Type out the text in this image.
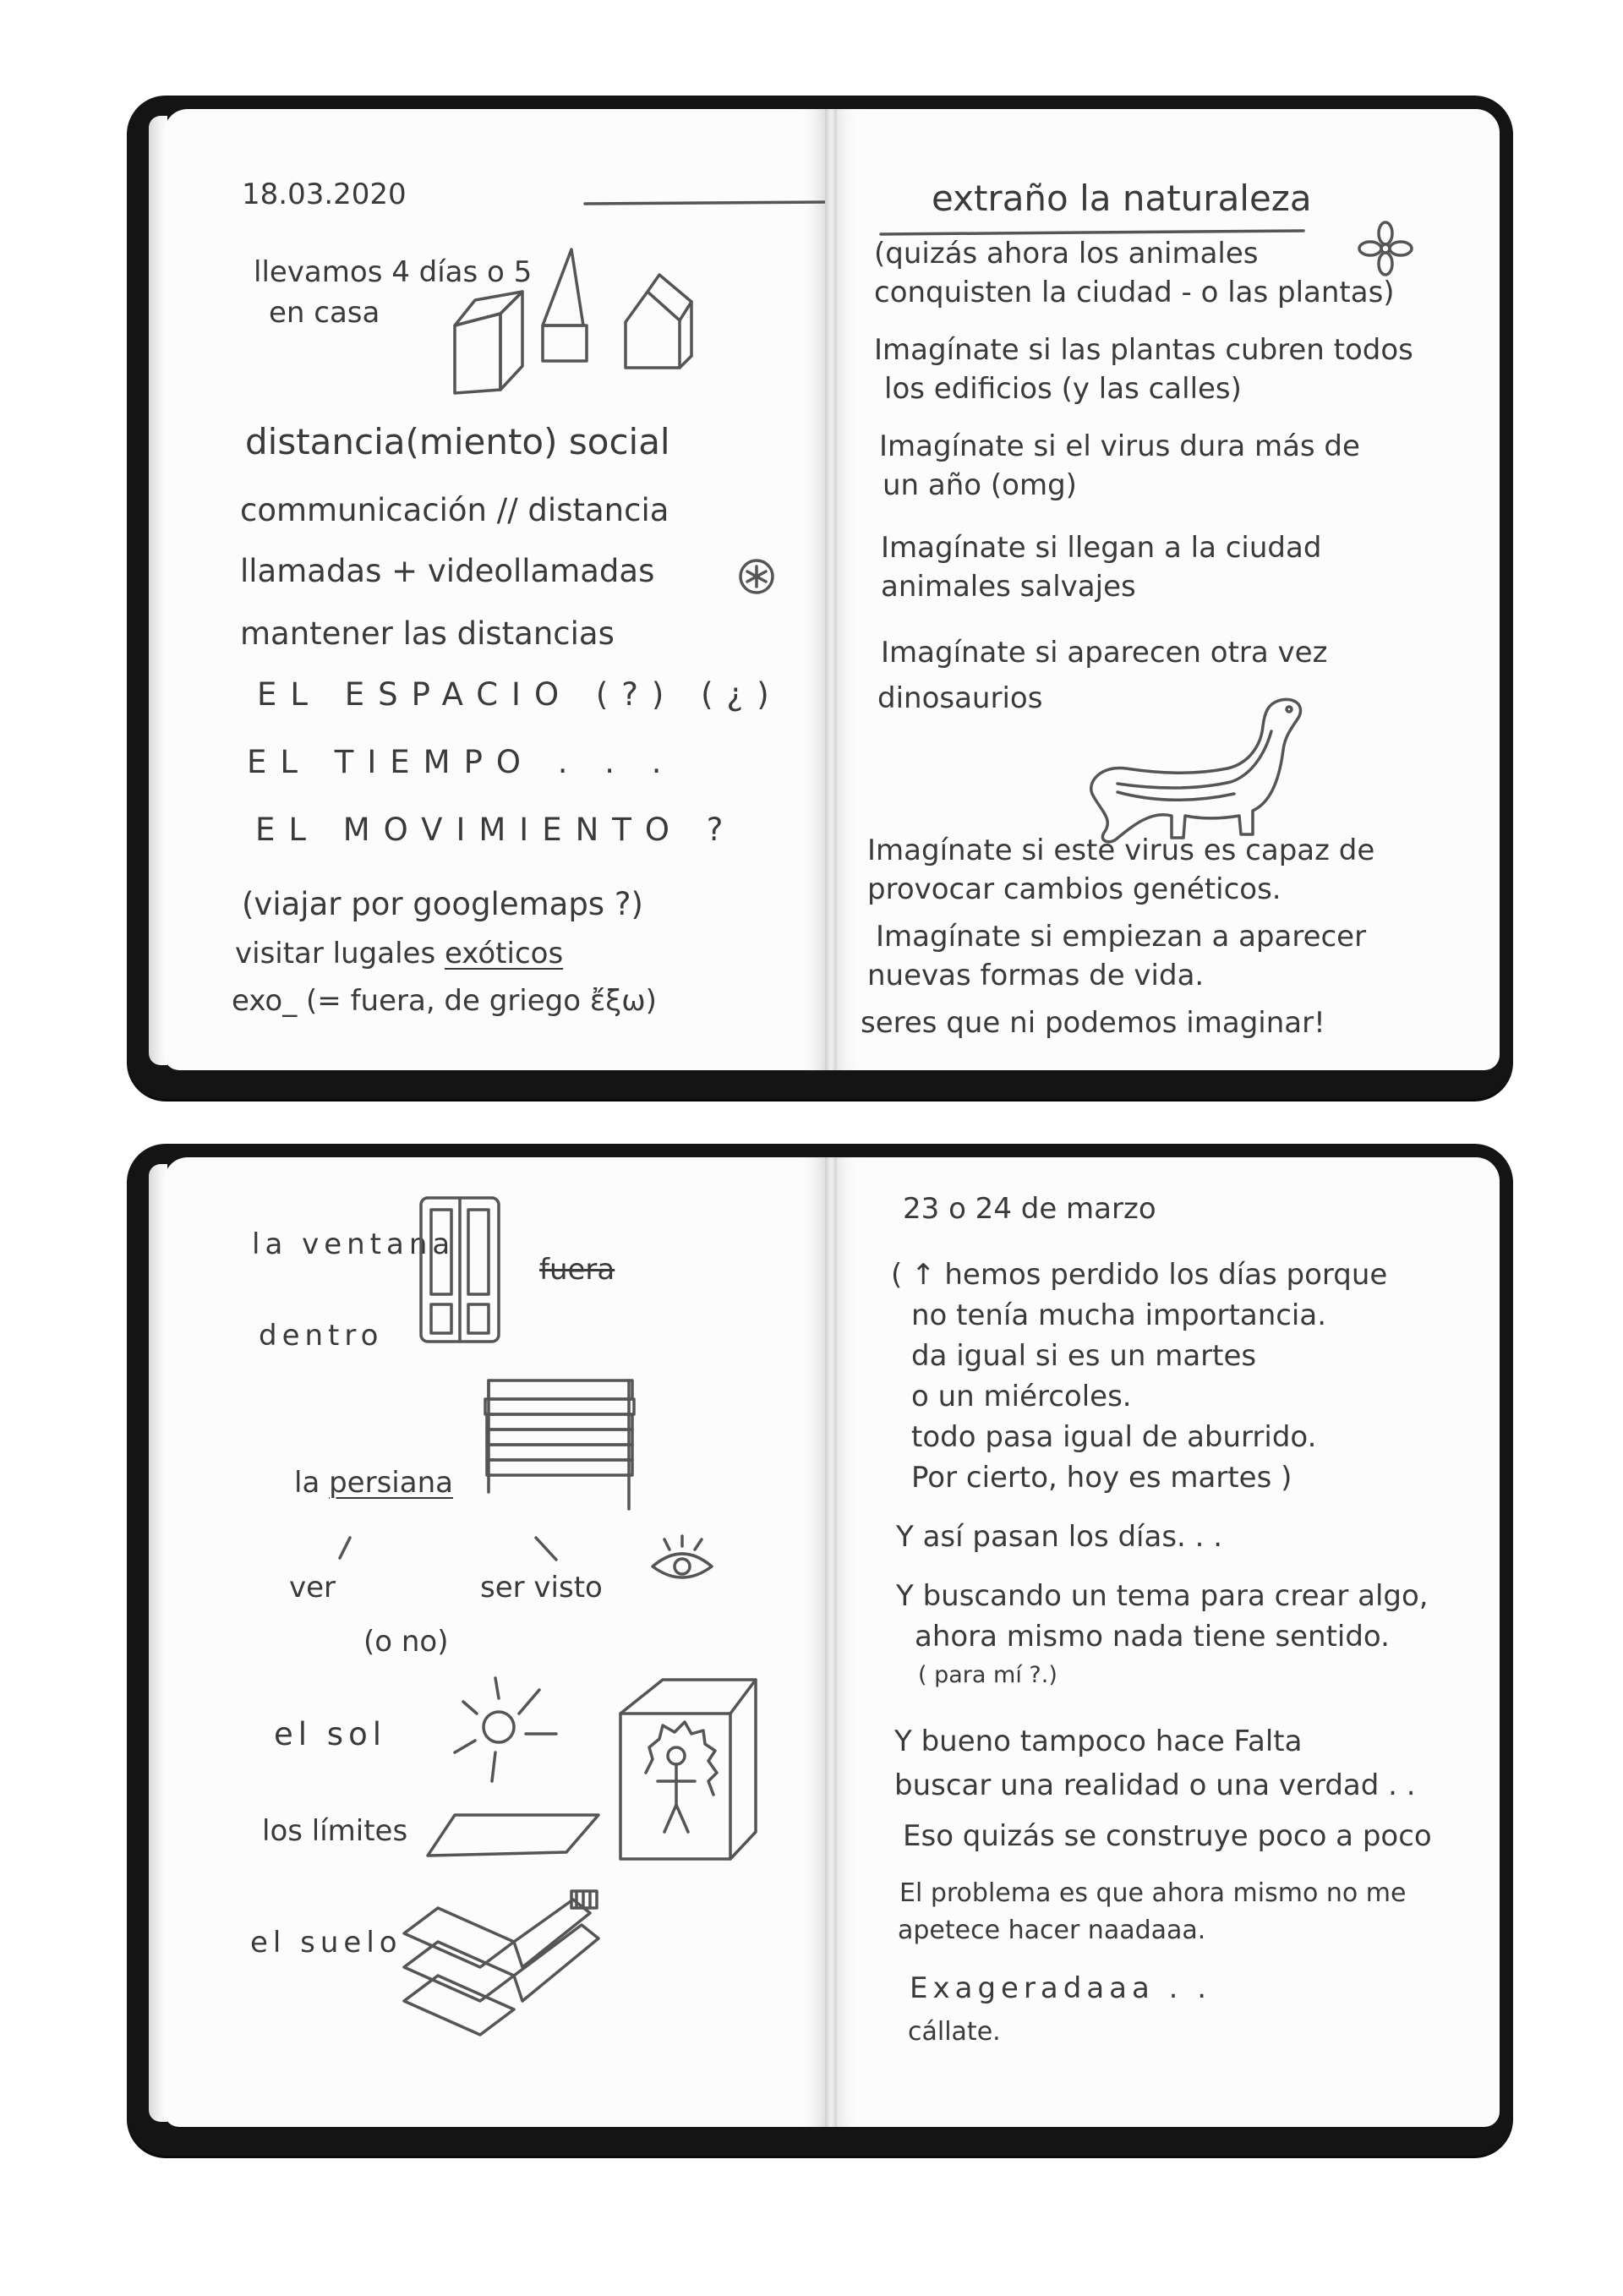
18.03.2020

llevamos 4 días o 5

en casa

distancia(miento) social

communicación // distancia

llamadas + videollamadas

mantener las distancias

EL ESPACIO (?) (¿)

EL TIEMPO . . .

EL MOVIMIENTO ?

(viajar por googlemaps ?)

visitar lugales exóticos

exo_ (= fuera, de griego ἔξω)

extraño la naturaleza

(quizás ahora los animales

conquisten la ciudad - o las plantas)

Imagínate si las plantas cubren todos

los edificios (y las calles)

Imagínate si el virus dura más de

un año (omg)

Imagínate si llegan a la ciudad

animales salvajes

Imagínate si aparecen otra vez

dinosaurios

Imagínate si este virus es capaz de

provocar cambios genéticos.

Imagínate si empiezan a aparecer

nuevas formas de vida.

seres que ni podemos imaginar!

la ventana

fuera

dentro

la persiana

ver	ser visto

(o no)

el sol

los límites

el suelo

23 o 24 de marzo

( ↑ hemos perdido los días porque

no tenía mucha importancia.

da igual si es un martes

o un miércoles.

todo pasa igual de aburrido.

Por cierto, hoy es martes )

Y así pasan los días. . .

Y buscando un tema para crear algo,

ahora mismo nada tiene sentido.

( para mí ?.)

Y bueno tampoco hace Falta

buscar una realidad o una verdad . .

Eso quizás se construye poco a poco

El problema es que ahora mismo no me

apetece hacer naadaaa.

Exageradaaa . .

cállate.
